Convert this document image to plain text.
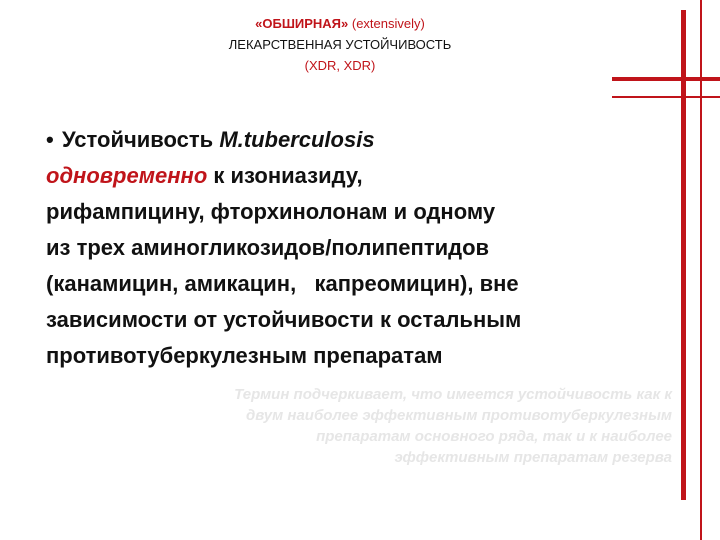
«ОБШИРНАЯ» (extensively)
ЛЕКАРСТВЕННАЯ УСТОЙЧИВОСТЬ
(XDR, XDR)
• Устойчивость M.tuberculosis
одновременно к изониазиду,
рифампицину, фторхинолонам и одному
из трех аминогликозидов/полипептидов
(канамицин, амикацин,   капреомицин), вне
зависимости от устойчивости к остальным
противотуберкулезным препаратам
Термин подчеркивает, что имеется устойчивость как к
двум наиболее эффективным противотуберкулезным
препаратам основного ряда, так и к наиболее
эффективным препаратам резерва
